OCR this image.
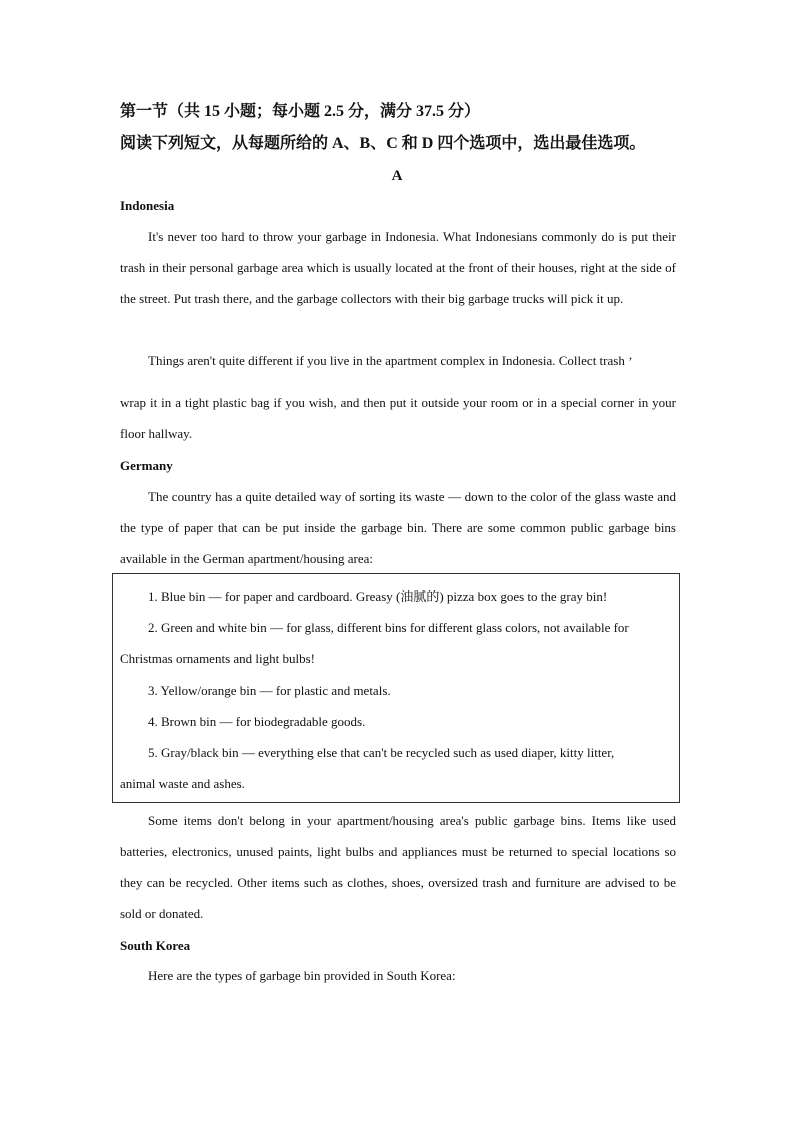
第一节（共 15 小题；每小题 2.5 分，满分 37.5 分）
阅读下列短文，从每题所给的 A、B、C 和 D 四个选项中，选出最佳选项。
A
Indonesia
It's never too hard to throw your garbage in Indonesia. What Indonesians commonly do is put their trash in their personal garbage area which is usually located at the front of their houses, right at the side of the street. Put trash there, and the garbage collectors with their big garbage trucks will pick it up.
Things aren't quite different if you live in the apartment complex in Indonesia. Collect trash ,
wrap it in a tight plastic bag if you wish, and then put it outside your room or in a special corner in your floor hallway.
Germany
The country has a quite detailed way of sorting its waste — down to the color of the glass waste and the type of paper that can be put inside the garbage bin. There are some common public garbage bins available in the German apartment/housing area:
1. Blue bin — for paper and cardboard. Greasy (油腻的) pizza box goes to the gray bin!
2. Green and white bin — for glass, different bins for different glass colors, not available for
Christmas ornaments and light bulbs!
3. Yellow/orange bin — for plastic and metals.
4. Brown bin — for biodegradable goods.
5. Gray/black bin — everything else that can't be recycled such as used diaper, kitty litter,
animal waste and ashes.
Some items don't belong in your apartment/housing area's public garbage bins. Items like used batteries, electronics, unused paints, light bulbs and appliances must be returned to special locations so they can be recycled. Other items such as clothes, shoes, oversized trash and furniture are advised to be sold or donated.
South Korea
Here are the types of garbage bin provided in South Korea:
